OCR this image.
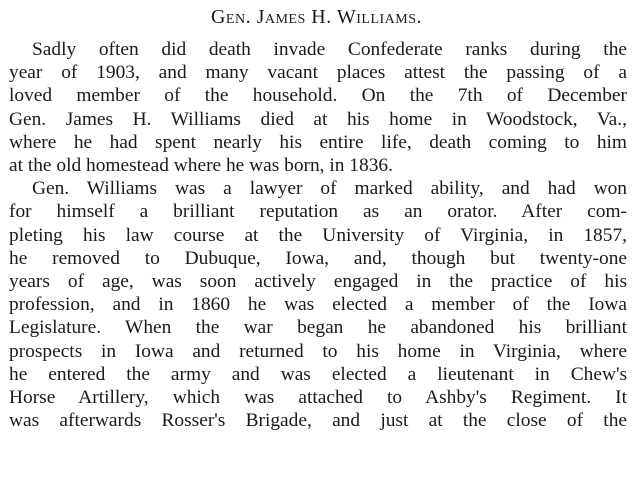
Gen. James H. Williams.
Sadly often did death invade Confederate ranks during the
year of 1903, and many vacant places attest the passing of a
loved member of the household. On the 7th of December
Gen. James H. Williams died at his home in Woodstock, Va.,
where he had spent nearly his entire life, death coming to him
at the old homestead where he was born, in 1836.
Gen. Williams was a lawyer of marked ability, and had won
for himself a brilliant reputation as an orator. After com-
pleting his law course at the University of Virginia, in 1857,
he removed to Dubuque, Iowa, and, though but twenty-one
years of age, was soon actively engaged in the practice of his
profession, and in 1860 he was elected a member of the Iowa
Legislature. When the war began he abandoned his brilliant
prospects in Iowa and returned to his home in Virginia, where
he entered the army and was elected a lieutenant in Chew's
Horse Artillery, which was attached to Ashby's Regiment. It
was afterwards Rosser's Brigade, and just at the close of the
